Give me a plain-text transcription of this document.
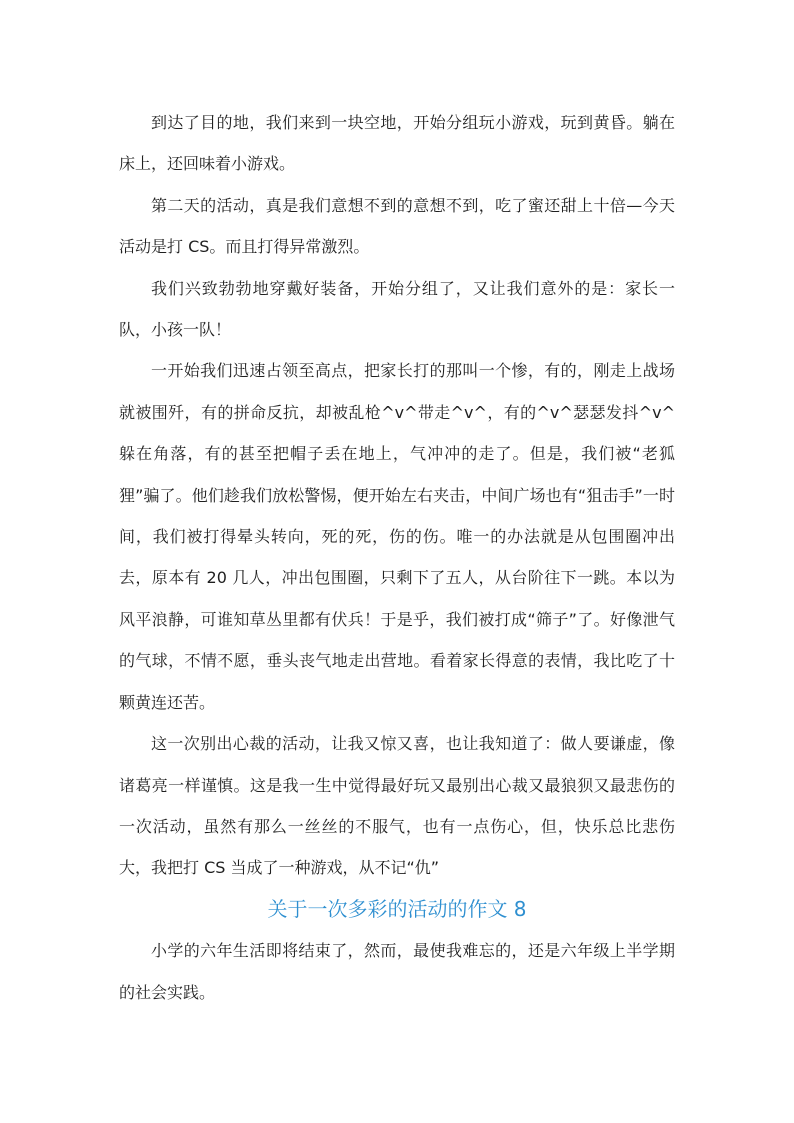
到达了目的地，我们来到一块空地，开始分组玩小游戏，玩到黄昏。躺在床上，还回味着小游戏。

第二天的活动，真是我们意想不到的意想不到，吃了蜜还甜上十倍—今天活动是打 CS。而且打得异常激烈。

我们兴致勃勃地穿戴好装备，开始分组了，又让我们意外的是：家长一队，小孩一队！

一开始我们迅速占领至高点，把家长打的那叫一个惨，有的，刚走上战场就被围歼，有的拼命反抗，却被乱枪^v^带走^v^，有的^v^瑟瑟发抖^v^躲在角落，有的甚至把帽子丢在地上，气冲冲的走了。但是，我们被“老狐狸”骗了。他们趁我们放松警惕，便开始左右夹击，中间广场也有“狙击手”一时间，我们被打得晕头转向，死的死，伤的伤。唯一的办法就是从包围圈冲出去，原本有 20 几人，冲出包围圈，只剩下了五人，从台阶往下一跳。本以为风平浪静，可谁知草丛里都有伏兵！于是乎，我们被打成“筛子”了。好像泄气的气球，不情不愿，垂头丧气地走出营地。看着家长得意的表情，我比吃了十颗黄连还苦。

这一次别出心裁的活动，让我又惊又喜，也让我知道了：做人要谦虚，像诸葛亮一样谨慎。这是我一生中觉得最好玩又最别出心裁又最狼狈又最悲伤的一次活动，虽然有那么一丝丝的不服气，也有一点伤心，但，快乐总比悲伤大，我把打 CS 当成了一种游戏，从不记“仇”

关于一次多彩的活动的作文 8

小学的六年生活即将结束了，然而，最使我难忘的，还是六年级上半学期的社会实践。
